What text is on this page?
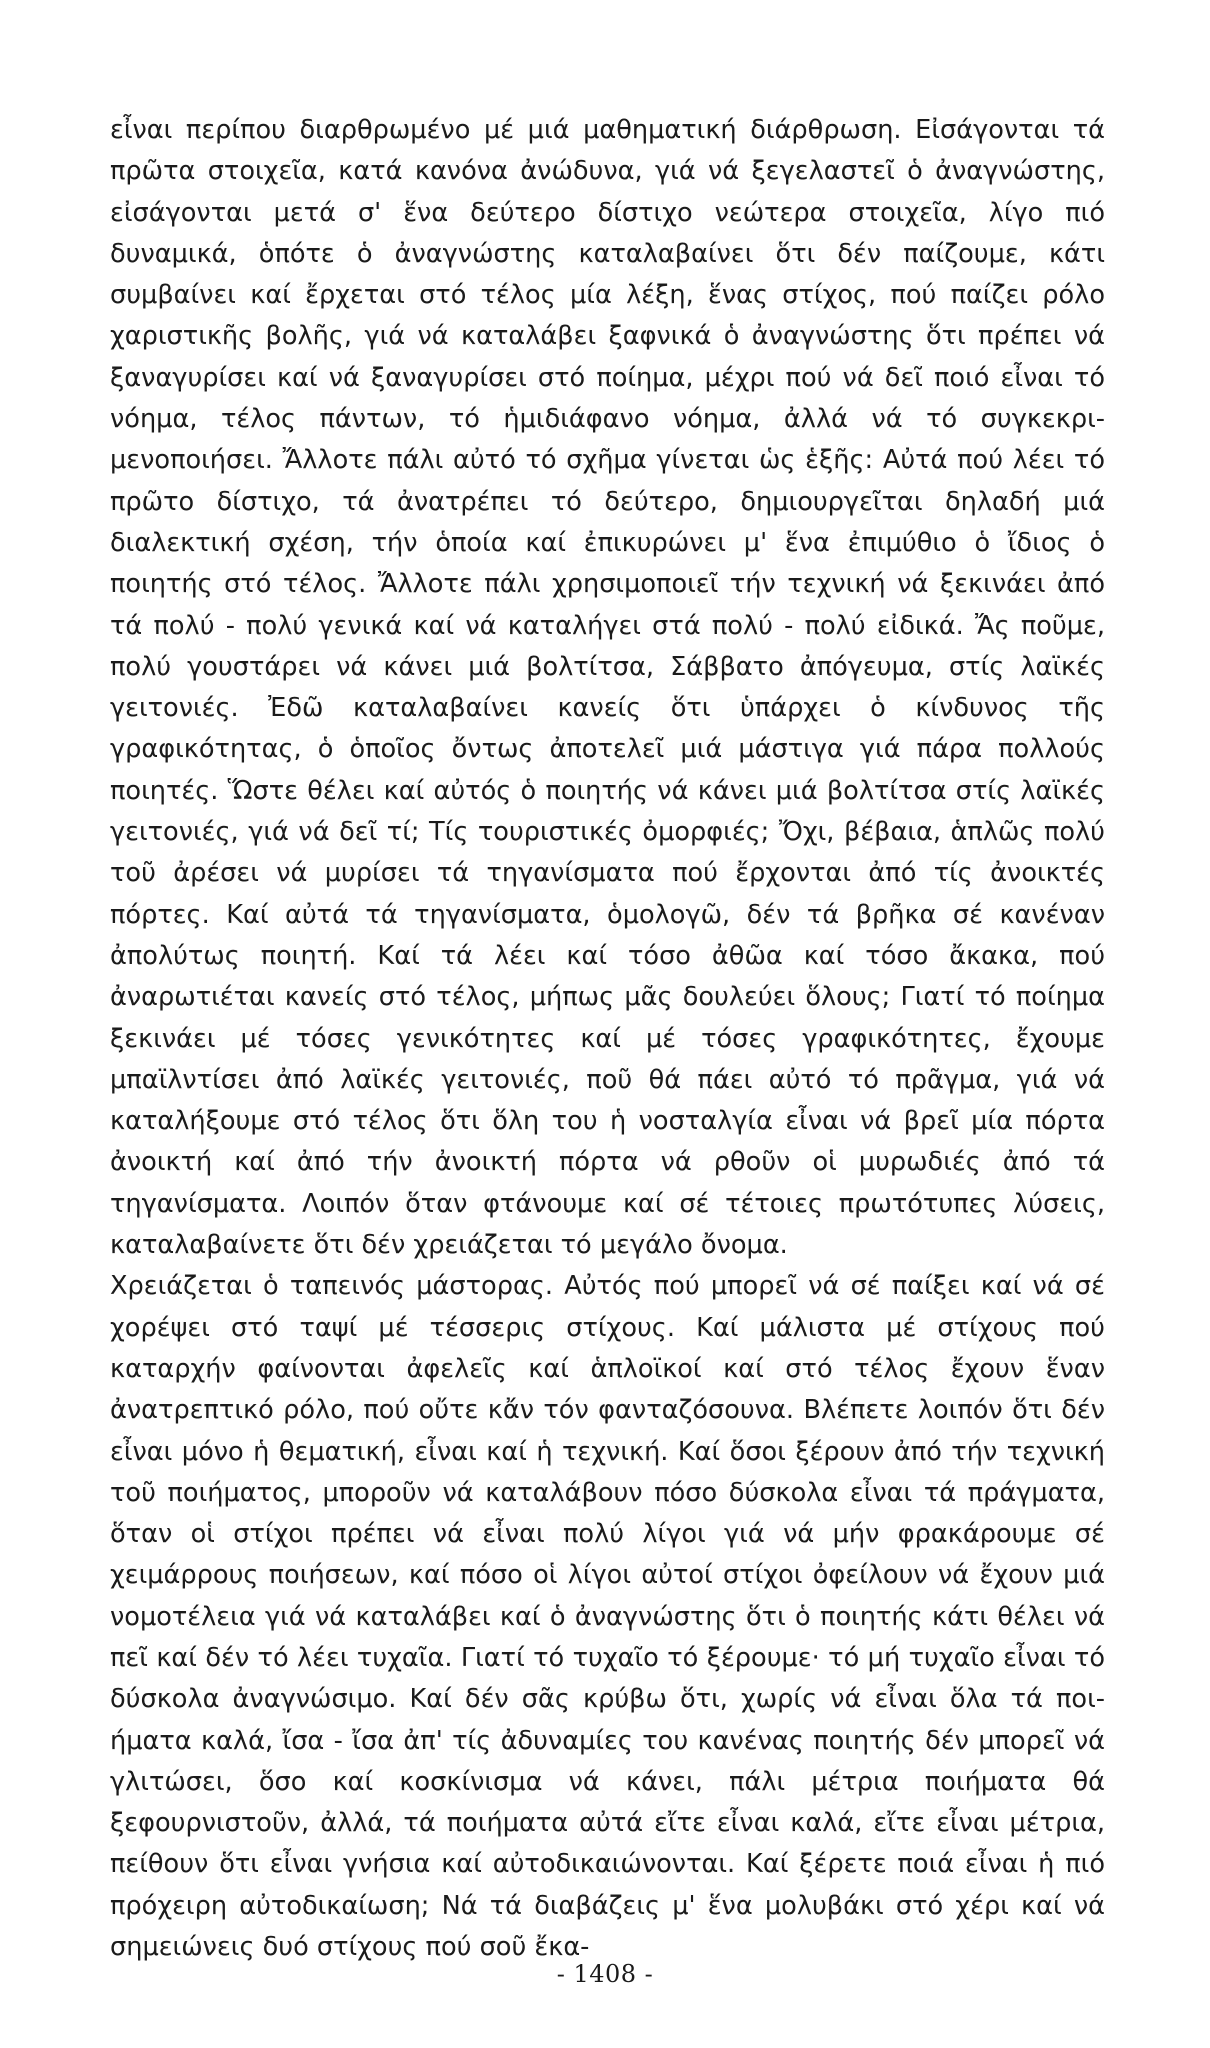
εἶναι περίπου διαρθρωμένο μέ μιά μαθηματική διάρθρωση. Εἰσάγονται τά πρῶτα στοιχεῖα, κατά κανόνα ἀνώδυνα, γιά νά ξεγελαστεῖ ὁ ἀναγνώστης, εἰσάγονται μετά σ' ἕνα δεύτερο δίστιχο νεώτερα στοιχεῖα, λίγο πιό δυναμικά, ὁπότε ὁ ἀναγνώστης καταλαβαίνει ὅτι δέν παίζουμε, κάτι συμβαίνει καί ἔρχεται στό τέλος μία λέξη, ἕνας στίχος, πού παίζει ρόλο χαριστικῆς βολῆς, γιά νά καταλάβει ξαφνικά ὁ ἀναγνώστης ὅτι πρέπει νά ξαναγυρίσει καί νά ξαναγυρίσει στό ποίημα, μέχρι πού νά δεῖ ποιό εἶναι τό νόημα, τέλος πάντων, τό ἡμιδιάφανο νόημα, ἀλλά νά τό συγκεκριμενοποιήσει. Ἄλλοτε πάλι αὐτό τό σχῆμα γίνεται ὡς ἑξῆς: Αὐτά πού λέει τό πρῶτο δίστιχο, τά ἀνατρέπει τό δεύτερο, δημιουργεῖται δηλαδή μιά διαλεκτική σχέση, τήν ὁποία καί ἐπικυρώνει μ' ἕνα ἐπιμύθιο ὁ ἴδιος ὁ ποιητής στό τέλος. Ἄλλοτε πάλι χρησιμοποιεῖ τήν τεχνική νά ξεκινάει ἀπό τά πολύ - πολύ γενικά καί νά καταλήγει στά πολύ - πολύ εἰδικά. Ἄς ποῦμε, πολύ γουστάρει νά κάνει μιά βολτίτσα, Σάββατο ἀπόγευμα, στίς λαϊκές γειτονιές. Ἐδῶ καταλαβαίνει κανείς ὅτι ὑπάρχει ὁ κίνδυνος τῆς γραφικότητας, ὁ ὁποῖος ὄντως ἀποτελεῖ μιά μάστιγα γιά πάρα πολλούς ποιητές. Ὥστε θέλει καί αὐτός ὁ ποιητής νά κάνει μιά βολτίτσα στίς λαϊκές γειτονιές, γιά νά δεῖ τί; Τίς τουριστικές ὀμορφιές; Ὄχι, βέβαια, ἁπλῶς πολύ τοῦ ἀρέσει νά μυρίσει τά τηγανίσματα πού ἔρχονται ἀπό τίς ἀνοικτές πόρτες. Καί αὐτά τά τηγανίσματα, ὁμολογῶ, δέν τά βρῆκα σέ κανέναν ἀπολύτως ποιητή. Καί τά λέει καί τόσο ἀθῶα καί τόσο ἄκακα, πού ἀναρωτιέται κανείς στό τέλος, μήπως μᾶς δουλεύει ὅλους; Γιατί τό ποίημα ξεκινάει μέ τόσες γενικότητες καί μέ τόσες γραφικότητες, ἔχουμε μπαϊλντίσει ἀπό λαϊκές γειτονιές, ποῦ θά πάει αὐτό τό πρᾶγμα, γιά νά καταλήξουμε στό τέλος ὅτι ὅλη του ἡ νοσταλγία εἶναι νά βρεῖ μία πόρτα ἀνοικτή καί ἀπό τήν ἀνοικτή πόρτα νά ρθοῦν οἱ μυρωδιές ἀπό τά τηγανίσματα. Λοιπόν ὅταν φτάνουμε καί σέ τέτοιες πρωτότυπες λύσεις, καταλαβαίνετε ὅτι δέν χρειάζεται τό μεγάλο ὄνομα.

Χρειάζεται ὁ ταπεινός μάστορας. Αὐτός πού μπορεῖ νά σέ παίξει καί νά σέ χορέψει στό ταψί μέ τέσσερις στίχους. Καί μάλιστα μέ στίχους πού καταρχήν φαίνονται ἀφελεῖς καί ἁπλοϊκοί καί στό τέλος ἔχουν ἕναν ἀνατρεπτικό ρόλο, πού οὔτε κἄν τόν φανταζόσουνα. Βλέπετε λοιπόν ὅτι δέν εἶναι μόνο ἡ θεματική, εἶναι καί ἡ τεχνική. Καί ὅσοι ξέρουν ἀπό τήν τεχνική τοῦ ποιήματος, μποροῦν νά καταλάβουν πόσο δύσκολα εἶναι τά πράγματα, ὅταν οἱ στίχοι πρέπει νά εἶναι πολύ λίγοι γιά νά μήν φρακάρουμε σέ χειμάρρους ποιήσεων, καί πόσο οἱ λίγοι αὐτοί στίχοι ὀφείλουν νά ἔχουν μιά νομοτέλεια γιά νά καταλάβει καί ὁ ἀναγνώστης ὅτι ὁ ποιητής κάτι θέλει νά πεῖ καί δέν τό λέει τυχαῖα. Γιατί τό τυχαῖο τό ξέρουμε· τό μή τυχαῖο εἶναι τό δύσκολα ἀναγνώσιμο. Καί δέν σᾶς κρύβω ὅτι, χωρίς νά εἶναι ὅλα τά ποιήματα καλά, ἴσα - ἴσα ἀπ' τίς ἀδυναμίες του κανένας ποιητής δέν μπορεῖ νά γλιτώσει, ὅσο καί κοσκίνισμα νά κάνει, πάλι μέτρια ποιήματα θά ξεφουρνιστοῦν, ἀλλά, τά ποιήματα αὐτά εἴτε εἶναι καλά, εἴτε εἶναι μέτρια, πείθουν ὅτι εἶναι γνήσια καί αὐτοδικαιώνονται. Καί ξέρετε ποιά εἶναι ἡ πιό πρόχειρη αὐτοδικαίωση; Νά τά διαβάζεις μ' ἕνα μολυβάκι στό χέρι καί νά σημειώνεις δυό στίχους πού σοῦ ἔκα-

- 1408 -
